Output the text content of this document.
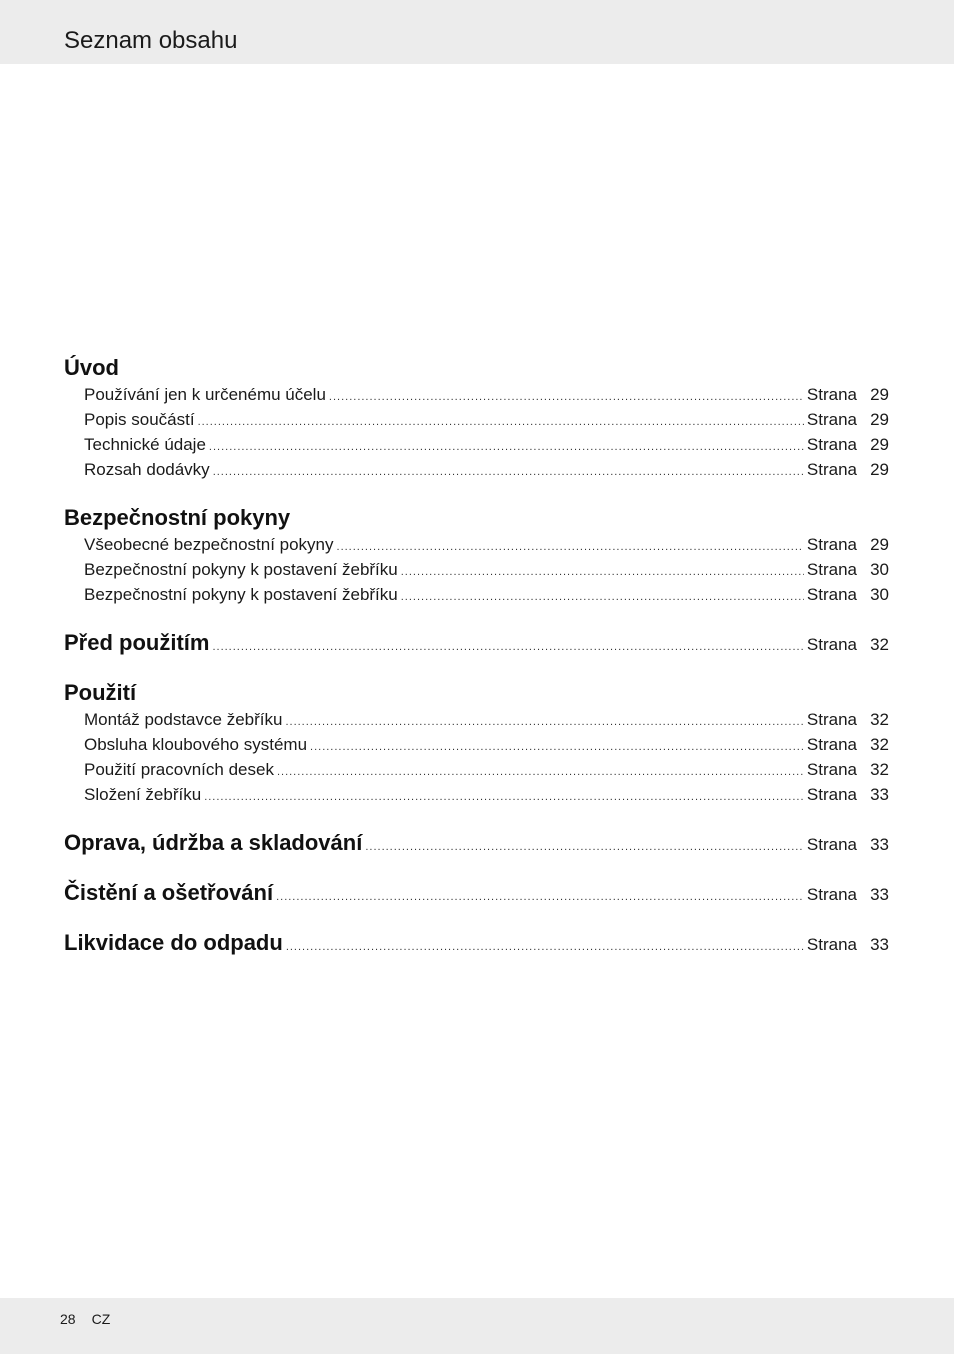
Seznam obsahu
Úvod
Používání jen k určenému účelu .....	Strana 29
Popis součástí .....	Strana 29
Technické údaje .....	Strana 29
Rozsah dodávky .....	Strana 29
Bezpečnostní pokyny
Všeobecné bezpečnostní pokyny .....	Strana 29
Bezpečnostní pokyny k postavení žebříku .....	Strana 30
Bezpečnostní pokyny k postavení žebříku .....	Strana 30
Před použitím .....	Strana 32
Použití
Montáž podstavce žebříku .....	Strana 32
Obsluha kloubového systému .....	Strana 32
Použití pracovních desek .....	Strana 32
Složení žebříku .....	Strana 33
Oprava, údržba a skladování .....	Strana 33
Čistění a ošetřování .....	Strana 33
Likvidace do odpadu .....	Strana 33
28 CZ
